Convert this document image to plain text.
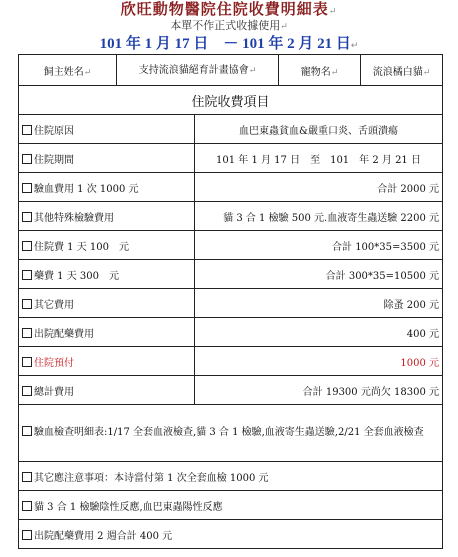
欣旺動物醫院住院收費明細表↵
本單不作正式收據使用↵
101 年 1 月 17 日　－ 101 年 2 月 21 日↵
飼主姓名↵	支持流浪貓絕育計畫協會↵		寵物名↵	流浪橘白貓↵
住院收費項目				
住院原因		血巴東蟲貧血&嚴重口炎、舌頭潰瘍		
住院期間		101 年 1 月 17 日　至　101　年 2 月 21 日		
驗血費用 1 次 1000 元		合計 2000 元		
其他特殊檢驗費用		貓 3 合 1 檢驗 500 元.血液寄生蟲送驗 2200 元		
住院費 1 天 100　元		合計 100*35=3500 元		
藥費 1 天 300　元		合計 300*35=10500 元		
其它費用		除蚤 200 元		
出院配藥費用		400 元		
住院預付		1000 元		
總計費用		合計 19300 元尚欠 18300 元		
驗血檢查明細表:1/17 全套血液檢查,貓 3 合 1 檢驗,血液寄生蟲送驗,2/21 全套血液檢查				
其它應注意事項：本诗當付第 1 次全套血檢 1000 元				
貓 3 合 1 檢驗陰性反應,血巴東蟲陽性反應				
出院配藥費用 2 週合計 400 元				
